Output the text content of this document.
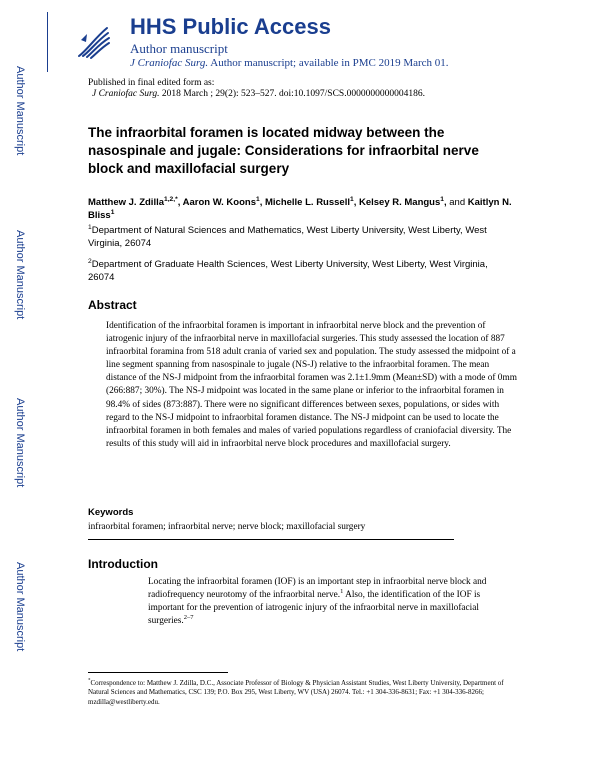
Author Manuscript
Author Manuscript
Author Manuscript
Author Manuscript
HHS Public Access
Author manuscript
J Craniofac Surg. Author manuscript; available in PMC 2019 March 01.
Published in final edited form as:
J Craniofac Surg. 2018 March ; 29(2): 523–527. doi:10.1097/SCS.0000000000004186.
The infraorbital foramen is located midway between the nasospinale and jugale: Considerations for infraorbital nerve block and maxillofacial surgery
Matthew J. Zdilla$^{1,2,*}$, Aaron W. Koons$^1$, Michelle L. Russell$^1$, Kelsey R. Mangus$^1$, and Kaitlyn N. Bliss$^1$
$^1$Department of Natural Sciences and Mathematics, West Liberty University, West Liberty, West Virginia, 26074
$^2$Department of Graduate Health Sciences, West Liberty University, West Liberty, West Virginia, 26074
Abstract
Identification of the infraorbital foramen is important in infraorbital nerve block and the prevention of iatrogenic injury of the infraorbital nerve in maxillofacial surgeries. This study assessed the location of 887 infraorbital foramina from 518 adult crania of varied sex and population. The study assessed the midpoint of a line segment spanning from nasospinale to jugale (NS-J) relative to the infraorbital foramen. The mean distance of the NS-J midpoint from the infraorbital foramen was 2.1±1.9mm (Mean±SD) with a mode of 0mm (266:887; 30%). The NS-J midpoint was located in the same plane or inferior to the infraorbital foramen in 98.4% of sides (873:887). There were no significant differences between sexes, populations, or sides with regard to the NS-J midpoint to infraorbital foramen distance. The NS-J midpoint can be used to locate the infraorbital foramen in both females and males of varied populations regardless of craniofacial diversity. The results of this study will aid in infraorbital nerve block procedures and maxillofacial surgery.
Keywords
infraorbital foramen; infraorbital nerve; nerve block; maxillofacial surgery
Introduction
Locating the infraorbital foramen (IOF) is an important step in infraorbital nerve block and radiofrequency neurotomy of the infraorbital nerve.$^1$ Also, the identification of the IOF is important for the prevention of iatrogenic injury of the infraorbital nerve in maxillofacial surgeries.$^{2-7}$
*Correspondence to: Matthew J. Zdilla, D.C., Associate Professor of Biology & Physician Assistant Studies, West Liberty University, Department of Natural Sciences and Mathematics, CSC 139; P.O. Box 295, West Liberty, WV (USA) 26074. Tel.: +1 304-336-8631; Fax: +1 304-336-8266; mzdilla@westliberty.edu.
